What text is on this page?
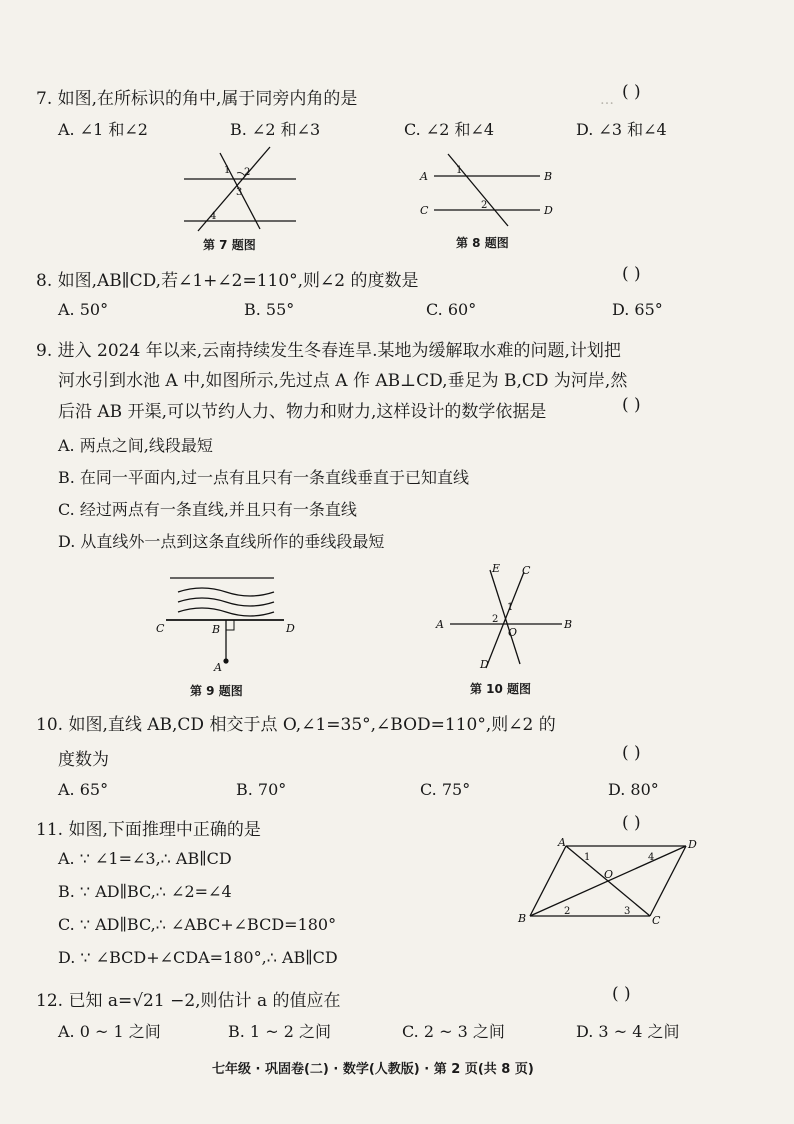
…
7. 如图,在所标识的角中,属于同旁内角的是	( )
A. ∠1 和∠2	B. ∠2 和∠3	C. ∠2 和∠4	D. ∠3 和∠4
1 2
3
4
第 7 题图
A	B
C	D
1
2
第 8 题图
8. 如图,AB∥CD,若∠1+∠2=110°,则∠2 的度数是	( )
A. 50°	B. 55°	C. 60°	D. 65°
9. 进入 2024 年以来,云南持续发生冬春连旱.某地为缓解取水难的问题,计划把
河水引到水池 A 中,如图所示,先过点 A 作 AB⊥CD,垂足为 B,CD 为河岸,然
后沿 AB 开渠,可以节约人力、物力和财力,这样设计的数学依据是	( )
A. 两点之间,线段最短
B. 在同一平面内,过一点有且只有一条直线垂直于已知直线
C. 经过两点有一条直线,并且只有一条直线
D. 从直线外一点到这条直线所作的垂线段最短
C	B	D
A
第 9 题图
E C
A	B
D
O
1
2
第 10 题图
10. 如图,直线 AB,CD 相交于点 O,∠1=35°,∠BOD=110°,则∠2 的
度数为	( )
A. 65°	B. 70°	C. 75°	D. 80°
11. 如图,下面推理中正确的是	( )
A. ∵ ∠1=∠3,∴ AB∥CD
B. ∵ AD∥BC,∴ ∠2=∠4
C. ∵ AD∥BC,∴ ∠ABC+∠BCD=180°
D. ∵ ∠BCD+∠CDA=180°,∴ AB∥CD
A	D
B	C
O
1
2	3
4
12. 已知 a=√21 −2,则估计 a 的值应在	( )
A. 0 ~ 1 之间	B. 1 ~ 2 之间	C. 2 ~ 3 之间	D. 3 ~ 4 之间
七年级 · 巩固卷(二) · 数学(人教版) · 第 2 页(共 8 页)
